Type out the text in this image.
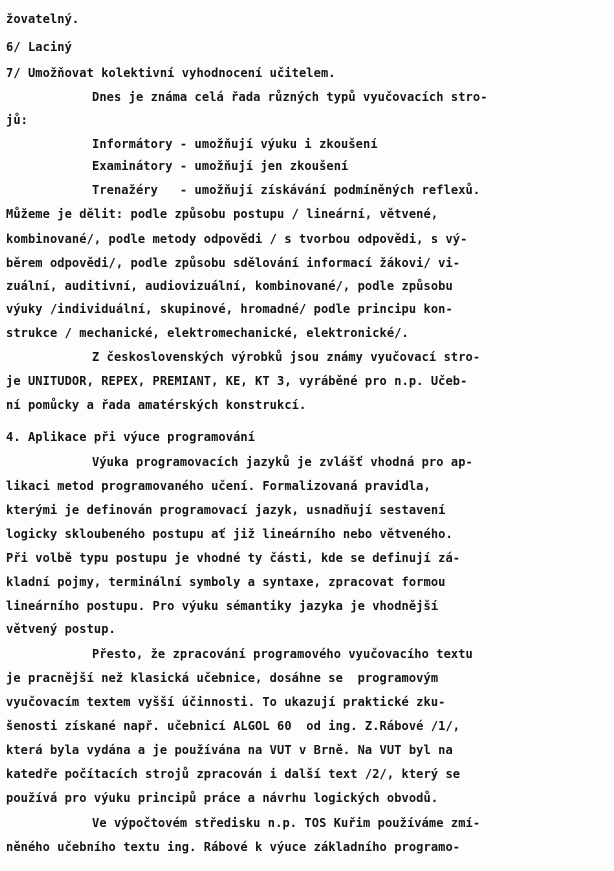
žovatelný.
6/ Laciný
7/ Umožňovat kolektivní vyhodnocení učitelem.
Dnes je známa celá řada různých typů vyučovacích stro-
jů:
Informátory - umožňují výuku i zkoušení
Examinátory - umožňují jen zkoušení
Trenažéry   - umožňují získávání podmíněných reflexů.
Můžeme je dělit: podle způsobu postupu / lineární, větvené,
kombinované/, podle metody odpovědi / s tvorbou odpovědi, s vý-
běrem odpovědi/, podle způsobu sdělování informací žákovi/ vi-
zuální, auditivní, audiovizuální, kombinované/, podle způsobu
výuky /individuální, skupinové, hromadné/ podle principu kon-
strukce / mechanické, elektromechanické, elektronické/.
Z československých výrobků jsou známy vyučovací stro-
je UNITUDOR, REPEX, PREMIANT, KE, KT 3, vyráběné pro n.p. Učeb-
ní pomůcky a řada amatérských konstrukcí.
4. Aplikace při výuce programování
Výuka programovacích jazyků je zvlášť vhodná pro ap-
likaci metod programovaného učení. Formalizovaná pravidla,
kterými je definován programovací jazyk, usnadňují sestavení
logicky skloubeného postupu ať již lineárního nebo větveného.
Při volbě typu postupu je vhodné ty části, kde se definují zá-
kladní pojmy, terminální symboly a syntaxe, zpracovat formou
lineárního postupu. Pro výuku sémantiky jazyka je vhodnější
větvený postup.
Přesto, že zpracování programového vyučovacího textu
je pracnější než klasická učebnice, dosáhne se  programovým
vyučovacím textem vyšší účinnosti. To ukazují praktické zku-
šenosti získané např. učebnicí ALGOL 60  od ing. Z.Rábové /1/,
která byla vydána a je používána na VUT v Brně. Na VUT byl na
katedře počítacích strojů zpracován i další text /2/, který se
používá pro výuku principů práce a návrhu logických obvodů.
Ve výpočtovém středisku n.p. TOS Kuřim používáme zmí-
něného učebního textu ing. Rábové k výuce základního programo-
